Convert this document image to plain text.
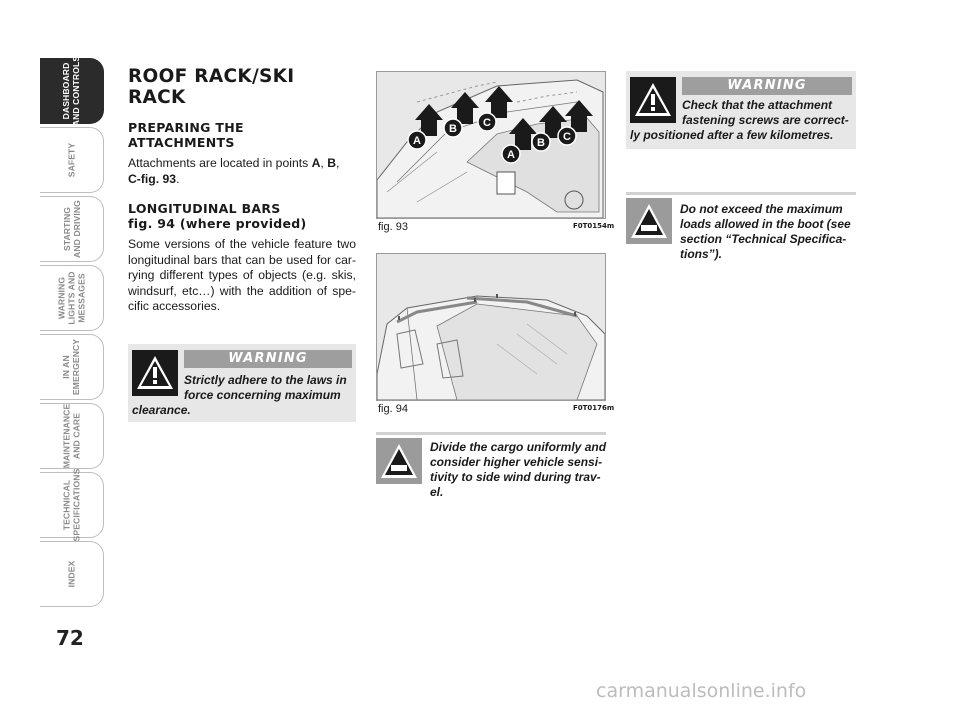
DASHBOARD
AND CONTROLS
SAFETY
STARTING
AND DRIVING
WARNING
LIGHTS AND
MESSAGES
IN AN
EMERGENCY
MAINTENANCE
AND CARE
TECHNICAL
SPECIFICATIONS
INDEX
72
ROOF RACK/SKI RACK

PREPARING THE
ATTACHMENTS

Attachments are located in points A, B,
C-fig. 93.

LONGITUDINAL BARS
fig. 94 (where provided)

Some versions of the vehicle feature two longitudinal bars that can be used for car-rying different types of objects (e.g. skis, windsurf, etc…) with the addition of spe-cific accessories.

WARNING
Strictly adhere to the laws in
force concerning maximum
clearance.
A
B C
A
B C
fig. 93	F0T0154m
fig. 94	F0T0176m
Divide the cargo uniformly and
consider higher vehicle sensi-
tivity to side wind during trav-
el.
WARNING
Check that the attachment
fastening screws are correct-
ly positioned after a few kilometres.
Do not exceed the maximum
loads allowed in the boot (see
section “Technical Specifica-
tions”).
carmanualsonline.info
